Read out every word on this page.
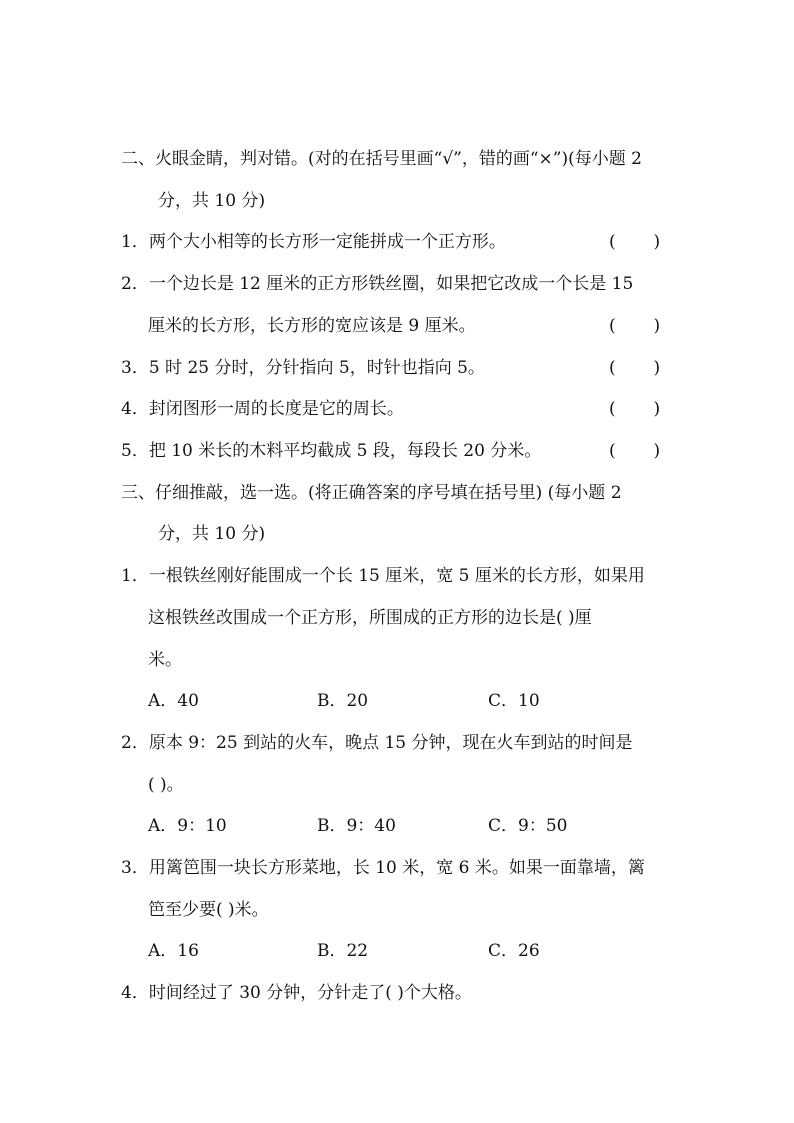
二、火眼金睛，判对错。(对的在括号里画“√”，错的画“×”)(每小题 2
分，共 10 分)
1．两个大小相等的长方形一定能拼成一个正方形。	(       )
2．一个边长是 12 厘米的正方形铁丝圈，如果把它改成一个长是 15
厘米的长方形，长方形的宽应该是 9 厘米。	(       )
3．5 时 25 分时，分针指向 5，时针也指向 5。	(       )
4．封闭图形一周的长度是它的周长。	(       )
5．把 10 米长的木料平均截成 5 段，每段长 20 分米。	(       )
三、仔细推敲，选一选。(将正确答案的序号填在括号里) (每小题 2
分，共 10 分)
1．一根铁丝刚好能围成一个长 15 厘米，宽 5 厘米的长方形，如果用
这根铁丝改围成一个正方形，所围成的正方形的边长是( )厘
米。
A．40	B．20	C．10
2．原本 9：25 到站的火车，晚点 15 分钟，现在火车到站的时间是
( )。
A．9：10	B．9：40	C．9：50
3．用篱笆围一块长方形菜地，长 10 米，宽 6 米。如果一面靠墙，篱
笆至少要( )米。
A．16	B．22	C．26
4．时间经过了 30 分钟，分针走了( )个大格。
